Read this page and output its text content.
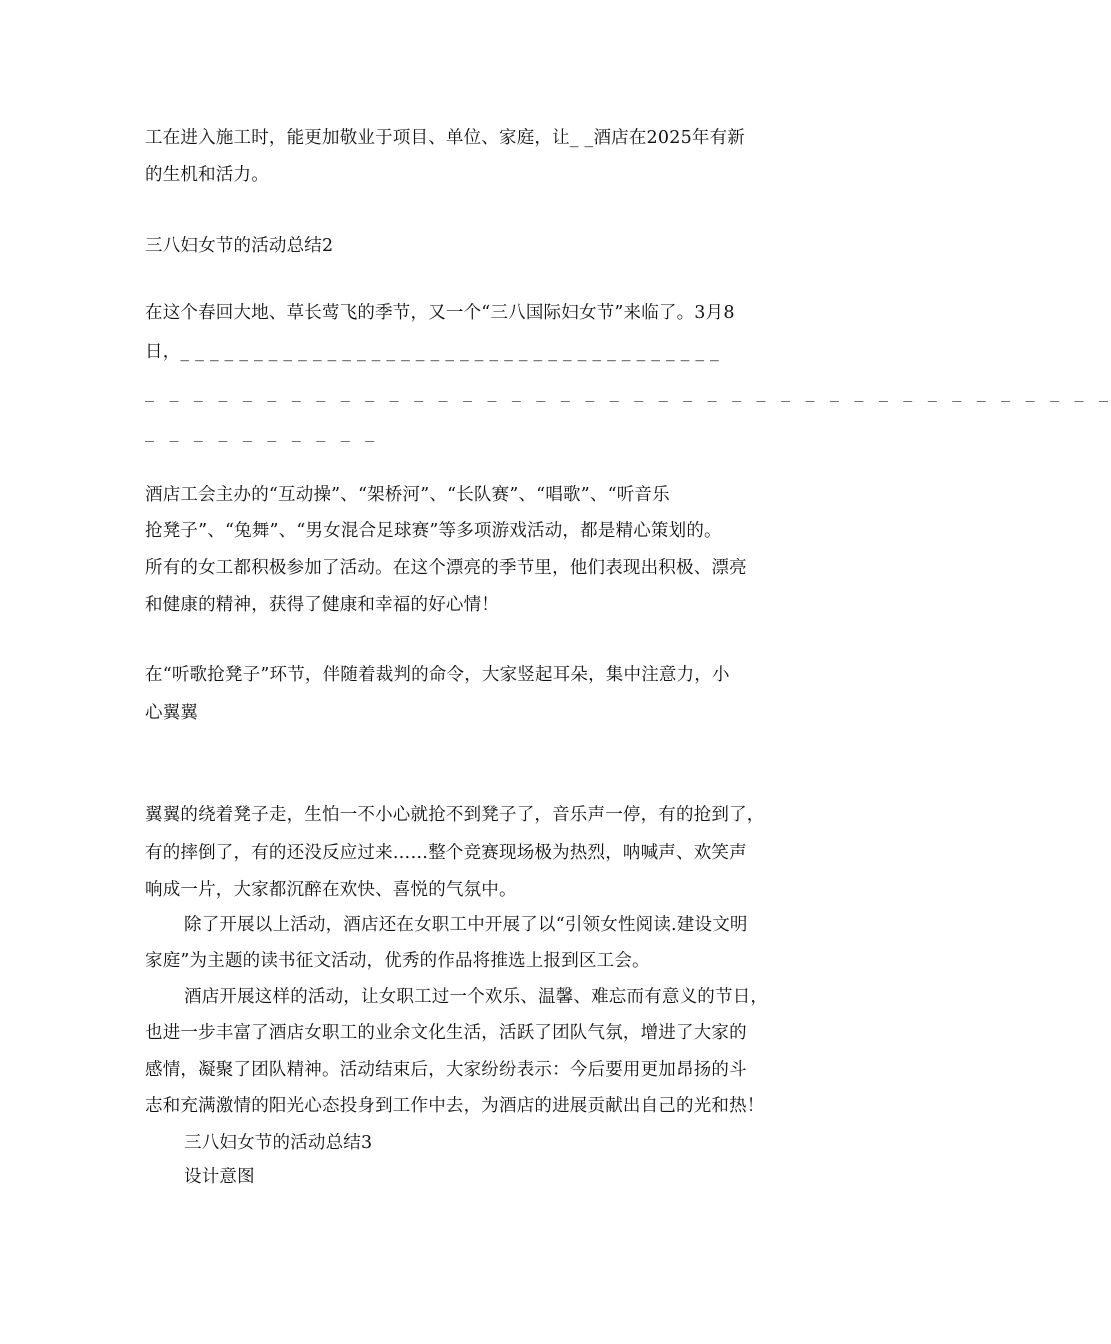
工在进入施工时，能更加敬业于项目、单位、家庭，让_ _酒店在2025年有新
的生机和活力。
三八妇女节的活动总结2
在这个春回大地、草长莺飞的季节，又一个“三八国际妇女节”来临了。3月8
日，_ _ _ _ _ _ _ _ _ _ _ _ _ _ _ _ _ _ _ _ _ _ _ _ _ _ _ _ _ _ _ _ _ _ _ _ _
_ _ _ _ _ _ _ _ _ _ _ _ _ _ _ _ _ _ _ _ _ _ _ _ _ _ _ _ _ _ _ _ _ _ _ _ _ _ _ _
_ _ _ _ _ _ _ _ _ _
酒店工会主办的“互动操”、“架桥河”、“长队赛”、“唱歌”、“听音乐
抢凳子”、“兔舞”、“男女混合足球赛”等多项游戏活动，都是精心策划的。
所有的女工都积极参加了活动。在这个漂亮的季节里，他们表现出积极、漂亮
和健康的精神，获得了健康和幸福的好心情！
在“听歌抢凳子”环节，伴随着裁判的命令，大家竖起耳朵，集中注意力，小
心翼翼
翼翼的绕着凳子走，生怕一不小心就抢不到凳子了，音乐声一停，有的抢到了，
有的摔倒了，有的还没反应过来……整个竞赛现场极为热烈，呐喊声、欢笑声
响成一片，大家都沉醉在欢快、喜悦的气氛中。
除了开展以上活动，酒店还在女职工中开展了以“引领女性阅读.建设文明
家庭”为主题的读书征文活动，优秀的作品将推选上报到区工会。
酒店开展这样的活动，让女职工过一个欢乐、温馨、难忘而有意义的节日，
也进一步丰富了酒店女职工的业余文化生活，活跃了团队气氛，增进了大家的
感情，凝聚了团队精神。活动结束后，大家纷纷表示：今后要用更加昂扬的斗
志和充满激情的阳光心态投身到工作中去，为酒店的进展贡献出自己的光和热！
三八妇女节的活动总结3
设计意图
